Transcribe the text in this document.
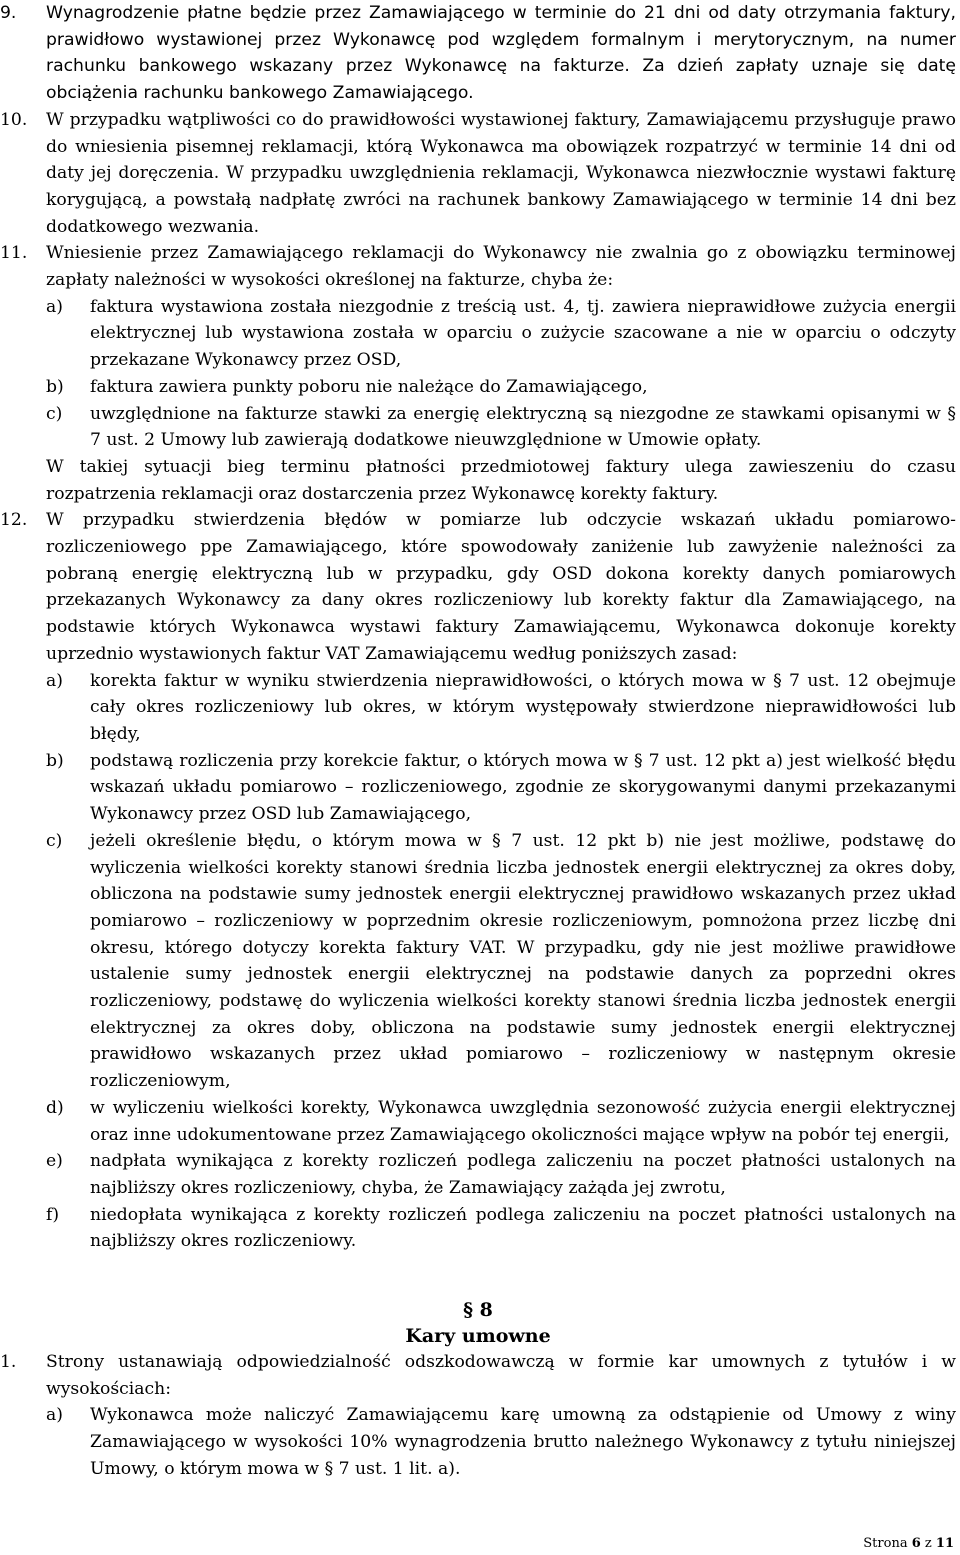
9.	Wynagrodzenie płatne będzie przez Zamawiającego w terminie do 21 dni od daty otrzymania faktury, prawidłowo wystawionej przez Wykonawcę pod względem formalnym i merytorycznym, na numer rachunku bankowego wskazany przez Wykonawcę na fakturze. Za dzień zapłaty uznaje się datę obciążenia rachunku bankowego Zamawiającego.
10.	W przypadku wątpliwości co do prawidłowości wystawionej faktury, Zamawiającemu przysługuje prawo do wniesienia pisemnej reklamacji, którą Wykonawca ma obowiązek rozpatrzyć w terminie 14 dni od daty jej doręczenia. W przypadku uwzględnienia reklamacji, Wykonawca niezwłocznie wystawi fakturę korygującą, a powstałą nadpłatę zwróci na rachunek bankowy Zamawiającego w terminie 14 dni bez dodatkowego wezwania.
11.	Wniesienie przez Zamawiającego reklamacji do Wykonawcy nie zwalnia go z obowiązku terminowej zapłaty należności w wysokości określonej na fakturze, chyba że:
a)	faktura wystawiona została niezgodnie z treścią ust. 4, tj. zawiera nieprawidłowe zużycia energii elektrycznej lub wystawiona została w oparciu o zużycie szacowane a nie w oparciu o odczyty przekazane Wykonawcy przez OSD,
b)	faktura zawiera punkty poboru nie należące do Zamawiającego,
c)	uwzględnione na fakturze stawki za energię elektryczną są niezgodne ze stawkami opisanymi w § 7 ust. 2 Umowy lub zawierają dodatkowe nieuwzględnione w Umowie opłaty.
W takiej sytuacji bieg terminu płatności przedmiotowej faktury ulega zawieszeniu do czasu rozpatrzenia reklamacji oraz dostarczenia przez Wykonawcę korekty faktury.
12.	W przypadku stwierdzenia błędów w pomiarze lub odczycie wskazań układu pomiarowo-rozliczeniowego ppe Zamawiającego, które spowodowały zaniżenie lub zawyżenie należności za pobraną energię elektryczną lub w przypadku, gdy OSD dokona korekty danych pomiarowych przekazanych Wykonawcy za dany okres rozliczeniowy lub korekty faktur dla Zamawiającego, na podstawie których Wykonawca wystawi faktury Zamawiającemu, Wykonawca dokonuje korekty uprzednio wystawionych faktur VAT Zamawiającemu według poniższych zasad:
a)	korekta faktur w wyniku stwierdzenia nieprawidłowości, o których mowa w § 7 ust. 12 obejmuje cały okres rozliczeniowy lub okres, w którym występowały stwierdzone nieprawidłowości lub błędy,
b)	podstawą rozliczenia przy korekcie faktur, o których mowa w § 7 ust. 12 pkt a) jest wielkość błędu wskazań układu pomiarowo – rozliczeniowego, zgodnie ze skorygowanymi danymi przekazanymi Wykonawcy przez OSD lub Zamawiającego,
c)	jeżeli określenie błędu, o którym mowa w § 7 ust. 12 pkt b) nie jest możliwe, podstawę do wyliczenia wielkości korekty stanowi średnia liczba jednostek energii elektrycznej za okres doby, obliczona na podstawie sumy jednostek energii elektrycznej prawidłowo wskazanych przez układ pomiarowo – rozliczeniowy w poprzednim okresie rozliczeniowym, pomnożona przez liczbę dni okresu, którego dotyczy korekta faktury VAT. W przypadku, gdy nie jest możliwe prawidłowe ustalenie sumy jednostek energii elektrycznej na podstawie danych za poprzedni okres rozliczeniowy, podstawę do wyliczenia wielkości korekty stanowi średnia liczba jednostek energii elektrycznej za okres doby, obliczona na podstawie sumy jednostek energii elektrycznej prawidłowo wskazanych przez układ pomiarowo – rozliczeniowy w następnym okresie rozliczeniowym,
d)	w wyliczeniu wielkości korekty, Wykonawca uwzględnia sezonowość zużycia energii elektrycznej oraz inne udokumentowane przez Zamawiającego okoliczności mające wpływ na pobór tej energii,
e)	nadpłata wynikająca z korekty rozliczeń podlega zaliczeniu na poczet płatności ustalonych na najbliższy okres rozliczeniowy, chyba, że Zamawiający zażąda jej zwrotu,
f)	niedopłata wynikająca z korekty rozliczeń podlega zaliczeniu na poczet płatności ustalonych na najbliższy okres rozliczeniowy.
§ 8
Kary umowne
1.	Strony ustanawiają odpowiedzialność odszkodowawczą w formie kar umownych z tytułów i w wysokościach:
a)	Wykonawca może naliczyć Zamawiającemu karę umowną za odstąpienie od Umowy z winy Zamawiającego w wysokości 10% wynagrodzenia brutto należnego Wykonawcy z tytułu niniejszej Umowy, o którym mowa w § 7 ust. 1 lit. a).
Strona 6 z 11
